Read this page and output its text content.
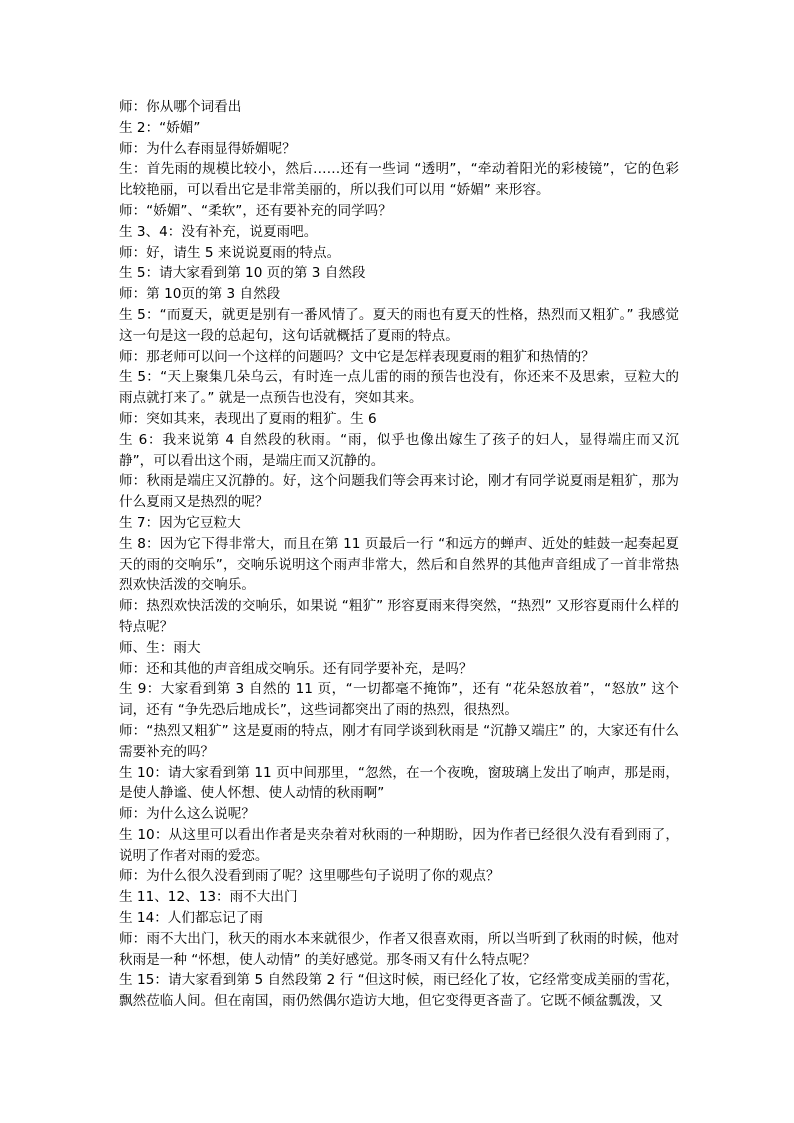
师：你从哪个词看出

生 2：“娇媚”

师：为什么春雨显得娇媚呢？

生：首先雨的规模比较小，然后……还有一些词 “透明”，“牵动着阳光的彩棱镜”，它的色彩比较艳丽，可以看出它是非常美丽的，所以我们可以用 “娇媚” 来形容。

师：“娇媚”、“柔软”，还有要补充的同学吗？

生 3、4：没有补充，说夏雨吧。

师：好，请生 5 来说说夏雨的特点。

生 5：请大家看到第 10 页的第 3 自然段

师：第 10页的第 3 自然段

生 5：“而夏天，就更是别有一番风情了。夏天的雨也有夏天的性格，热烈而又粗犷。” 我感觉这一句是这一段的总起句，这句话就概括了夏雨的特点。

师：那老师可以问一个这样的问题吗？文中它是怎样表现夏雨的粗犷和热情的？

生 5：“天上聚集几朵乌云，有时连一点儿雷的雨的预告也没有，你还来不及思索，豆粒大的雨点就打来了。” 就是一点预告也没有，突如其来。

师：突如其来，表现出了夏雨的粗犷。生 6

生 6：我来说第 4 自然段的秋雨。“雨，似乎也像出嫁生了孩子的妇人，显得端庄而又沉静”，可以看出这个雨，是端庄而又沉静的。

师：秋雨是端庄又沉静的。好，这个问题我们等会再来讨论，刚才有同学说夏雨是粗犷，那为什么夏雨又是热烈的呢？

生 7：因为它豆粒大

生 8：因为它下得非常大，而且在第 11 页最后一行 “和远方的蝉声、近处的蛙鼓一起奏起夏天的雨的交响乐”，交响乐说明这个雨声非常大，然后和自然界的其他声音组成了一首非常热烈欢快活泼的交响乐。

师：热烈欢快活泼的交响乐，如果说 “粗犷” 形容夏雨来得突然，“热烈” 又形容夏雨什么样的特点呢？

师、生：雨大

师：还和其他的声音组成交响乐。还有同学要补充，是吗？

生 9：大家看到第 3 自然的 11 页，“一切都毫不掩饰”，还有 “花朵怒放着”，“怒放” 这个词，还有 “争先恐后地成长”，这些词都突出了雨的热烈，很热烈。

师：“热烈又粗犷” 这是夏雨的特点，刚才有同学谈到秋雨是 “沉静又端庄” 的，大家还有什么需要补充的吗？

生 10：请大家看到第 11 页中间那里，“忽然，在一个夜晚，窗玻璃上发出了响声，那是雨，是使人静谧、使人怀想、使人动情的秋雨啊”

师：为什么这么说呢？

生 10：从这里可以看出作者是夹杂着对秋雨的一种期盼，因为作者已经很久没有看到雨了，说明了作者对雨的爱恋。

师：为什么很久没看到雨了呢？这里哪些句子说明了你的观点？

生 11、12、13：雨不大出门

生 14：人们都忘记了雨

师：雨不大出门，秋天的雨水本来就很少，作者又很喜欢雨，所以当听到了秋雨的时候，他对秋雨是一种 “怀想，使人动情” 的美好感觉。那冬雨又有什么特点呢？

生 15：请大家看到第 5 自然段第 2 行 “但这时候，雨已经化了妆，它经常变成美丽的雪花，飘然莅临人间。但在南国，雨仍然偶尔造访大地，但它变得更吝啬了。它既不倾盆瓢泼，又
